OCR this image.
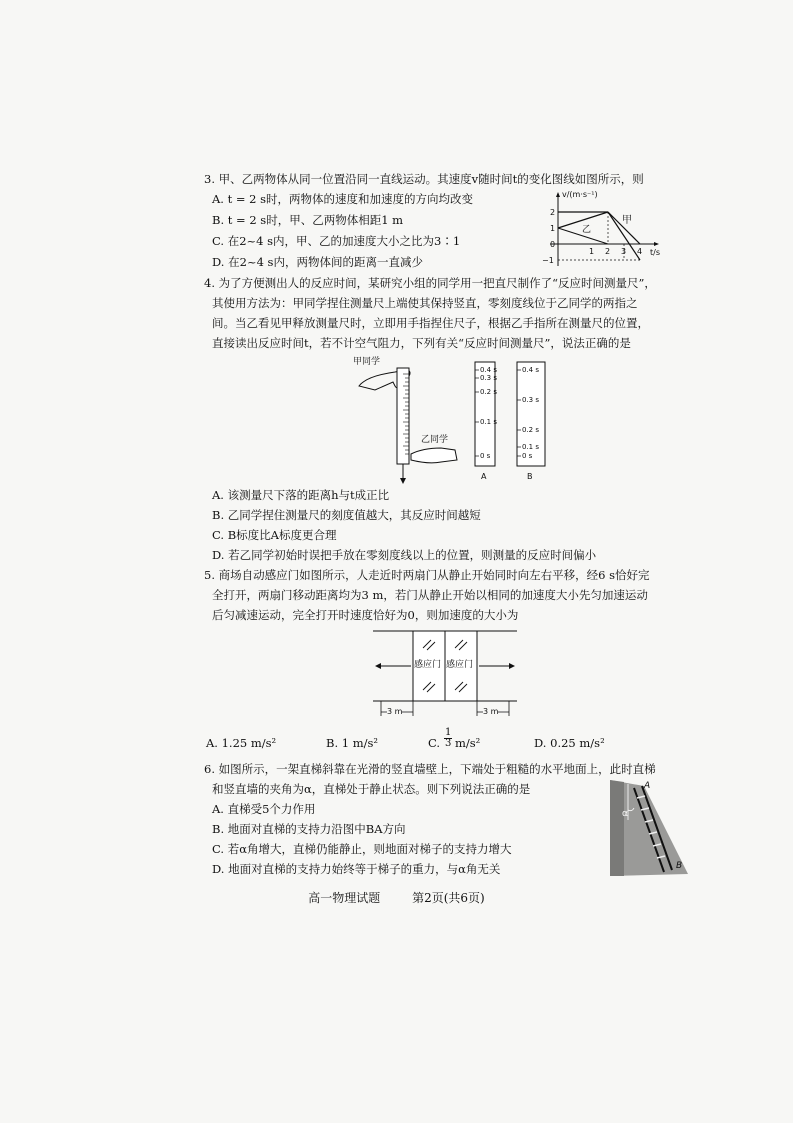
3. 甲、乙两物体从同一位置沿同一直线运动。其速度v随时间t的变化图线如图所示，则
A. t = 2 s时，两物体的速度和加速度的方向均改变
B. t = 2 s时，甲、乙两物体相距1 m
C. 在2~4 s内，甲、乙的加速度大小之比为3∶1
D. 在2~4 s内，两物体间的距离一直减少
v/(m·s⁻¹)
t/s
甲
乙
2
1
0
−1
1 2 3 4
4. 为了方便测出人的反应时间，某研究小组的同学用一把直尺制作了“反应时间测量尺”，
其使用方法为：甲同学捏住测量尺上端使其保持竖直，零刻度线位于乙同学的两指之
间。当乙看见甲释放测量尺时，立即用手指捏住尺子，根据乙手指所在测量尺的位置，
直接读出反应时间t，若不计空气阻力，下列有关“反应时间测量尺”，说法正确的是
甲同学
乙同学
0.4 s
0.3 s
0.2 s
0.1 s
0 s
0.4 s
0.3 s
0.2 s
0.1 s
0 s
A	B
A. 该测量尺下落的距离h与t成正比
B. 乙同学捏住测量尺的刻度值越大，其反应时间越短
C. B标度比A标度更合理
D. 若乙同学初始时误把手放在零刻度线以上的位置，则测量的反应时间偏小
5. 商场自动感应门如图所示，人走近时两扇门从静止开始同时向左右平移，经6 s恰好完
全打开，两扇门移动距离均为3 m，若门从静止开始以相同的加速度大小先匀加速运动
后匀减速运动，完全打开时速度恰好为0，则加速度的大小为
感应门 感应门
3 m	3 m
A. 1.25 m/s²	B. 1 m/s²	C. $\frac{1}{3} m/s^2$	D. 0.25 m/s²
6. 如图所示，一架直梯斜靠在光滑的竖直墙壁上，下端处于粗糙的水平地面上，此时直梯
和竖直墙的夹角为α，直梯处于静止状态。则下列说法正确的是
A. 直梯受5个力作用
B. 地面对直梯的支持力沿图中BA方向
C. 若α角增大，直梯仍能静止，则地面对梯子的支持力增大
D. 地面对直梯的支持力始终等于梯子的重力，与α角无关
A
B
α
高一物理试题	第2页(共6页)
